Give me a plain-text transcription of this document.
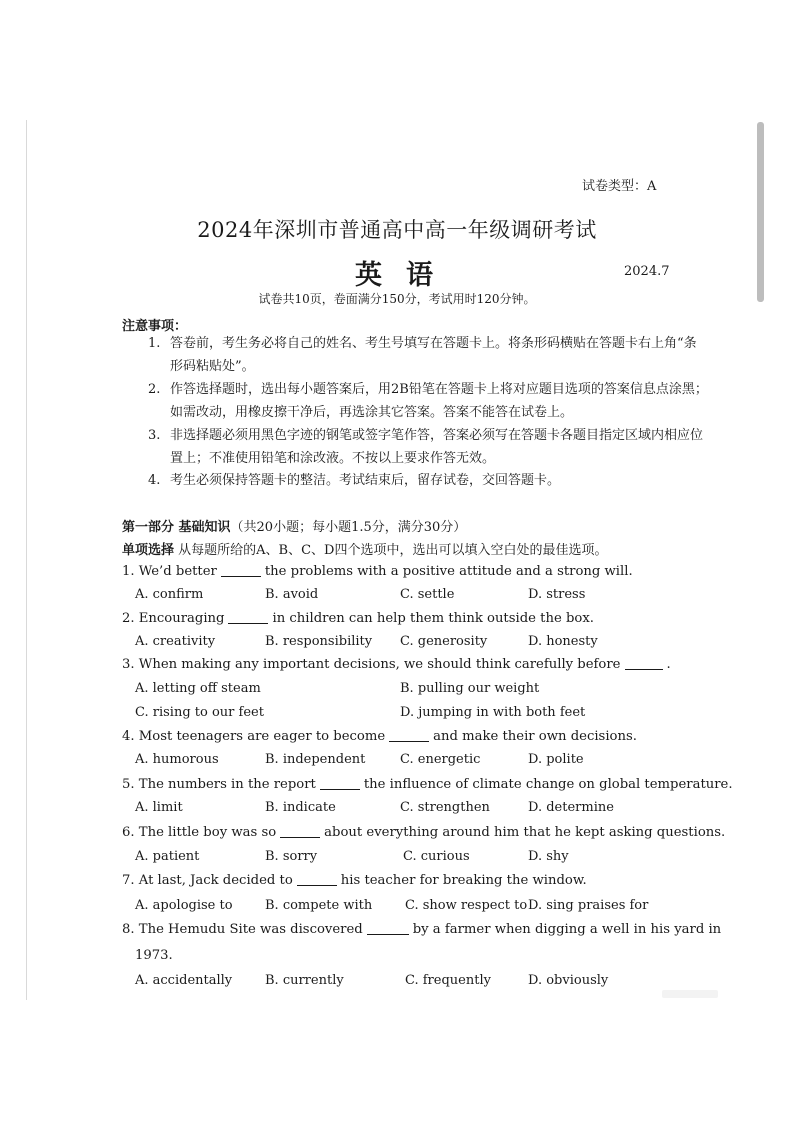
试卷类型：A
2024年深圳市普通高中高一年级调研考试
英语	2024.7
试卷共10页，卷面满分150分，考试用时120分钟。
注意事项：
1. 答卷前，考生务必将自己的姓名、考生号填写在答题卡上。将条形码横贴在答题卡右上角“条形码粘贴处”。
2. 作答选择题时，选出每小题答案后，用2B铅笔在答题卡上将对应题目选项的答案信息点涂黑；如需改动，用橡皮擦干净后，再选涂其它答案。答案不能答在试卷上。
3. 非选择题必须用黑色字迹的钢笔或签字笔作答，答案必须写在答题卡各题目指定区域内相应位置上；不准使用铅笔和涂改液。不按以上要求作答无效。
4. 考生必须保持答题卡的整洁。考试结束后，留存试卷，交回答题卡。
第一部分 基础知识（共20小题；每小题1.5分，满分30分）
单项选择 从每题所给的A、B、C、D四个选项中，选出可以填入空白处的最佳选项。
1. We’d better	the problems with a positive attitude and a strong will.
A. confirm	B. avoid	C. settle	D. stress
2. Encouraging	in children can help them think outside the box.
A. creativity	B. responsibility C. generosity	D. honesty
3. When making any important decisions, we should think carefully before	.
A. letting off steam	B. pulling our weight
C. rising to our feet	D. jumping in with both feet
4. Most teenagers are eager to become	and make their own decisions.
A. humorous	B. independent	C. energetic	D. polite
5. The numbers in the report	the influence of climate change on global temperature.
A. limit	B. indicate	C. strengthen	D. determine
6. The little boy was so	about everything around him that he kept asking questions.
A. patient	B. sorry	C. curious	D. shy
7. At last, Jack decided to	his teacher for breaking the window.
A. apologise to B. compete with	C. show respect to D. sing praises for
8. The Hemudu Site was discovered	by a farmer when digging a well in his yard in
1973.
A. accidentally	B. currently	C. frequently	D. obviously
